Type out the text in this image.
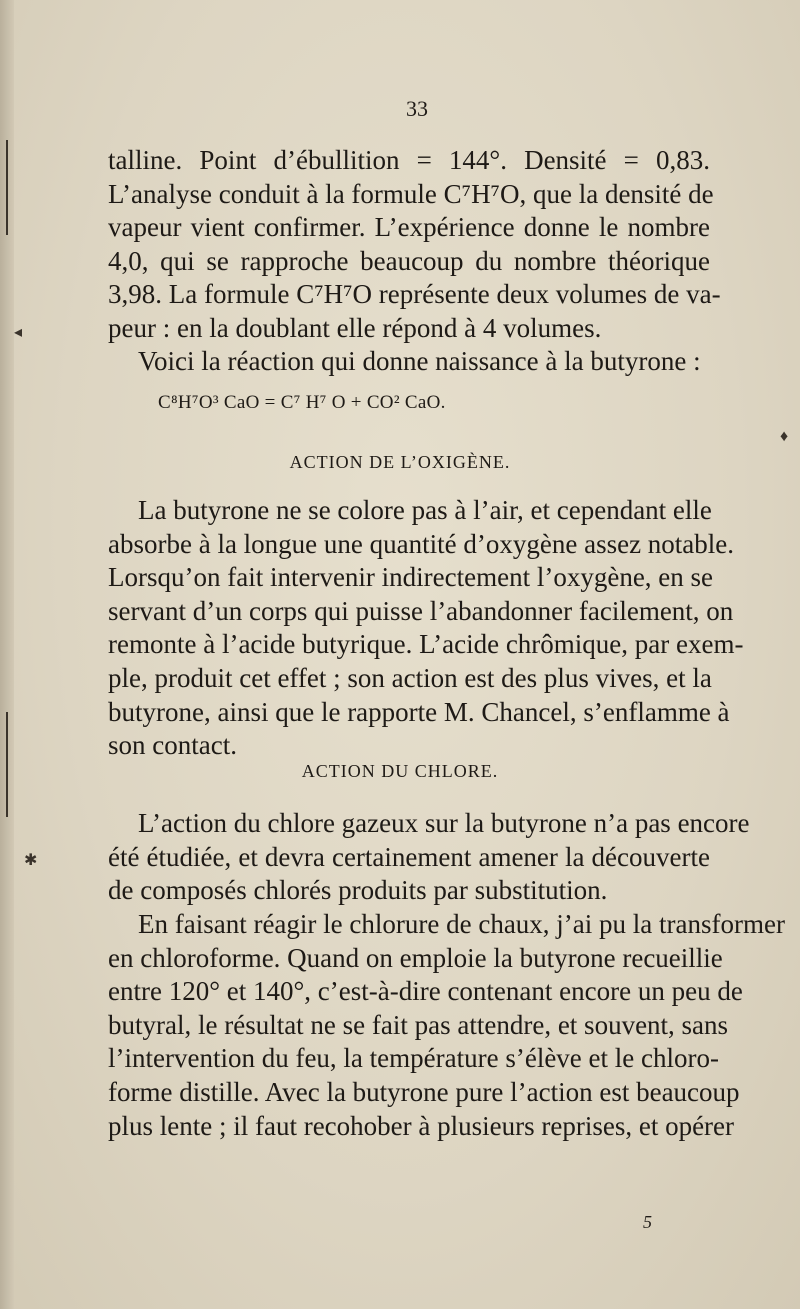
◂
✱
♦
33
talline. Point d’ébullition = 144°. Densité = 0,83.
L’analyse conduit à la formule C⁷H⁷O, que la densité de
vapeur vient confirmer. L’expérience donne le nombre
4,0, qui se rapproche beaucoup du nombre théorique
3,98. La formule C⁷H⁷O représente deux volumes de va-
peur : en la doublant elle répond à 4 volumes.
Voici la réaction qui donne naissance à la butyrone :
C⁸H⁷O³ CaO = C⁷ H⁷ O + CO² CaO.
ACTION DE L’OXIGÈNE.
La butyrone ne se colore pas à l’air, et cependant elle
absorbe à la longue une quantité d’oxygène assez notable.
Lorsqu’on fait intervenir indirectement l’oxygène, en se
servant d’un corps qui puisse l’abandonner facilement, on
remonte à l’acide butyrique. L’acide chrômique, par exem-
ple, produit cet effet ; son action est des plus vives, et la
butyrone, ainsi que le rapporte M. Chancel, s’enflamme à
son contact.
ACTION DU CHLORE.
L’action du chlore gazeux sur la butyrone n’a pas encore
été étudiée, et devra certainement amener la découverte
de composés chlorés produits par substitution.
En faisant réagir le chlorure de chaux, j’ai pu la transformer
en chloroforme. Quand on emploie la butyrone recueillie
entre 120° et 140°, c’est-à-dire contenant encore un peu de
butyral, le résultat ne se fait pas attendre, et souvent, sans
l’intervention du feu, la température s’élève et le chloro-
forme distille. Avec la butyrone pure l’action est beaucoup
plus lente ; il faut recohober à plusieurs reprises, et opérer
5
